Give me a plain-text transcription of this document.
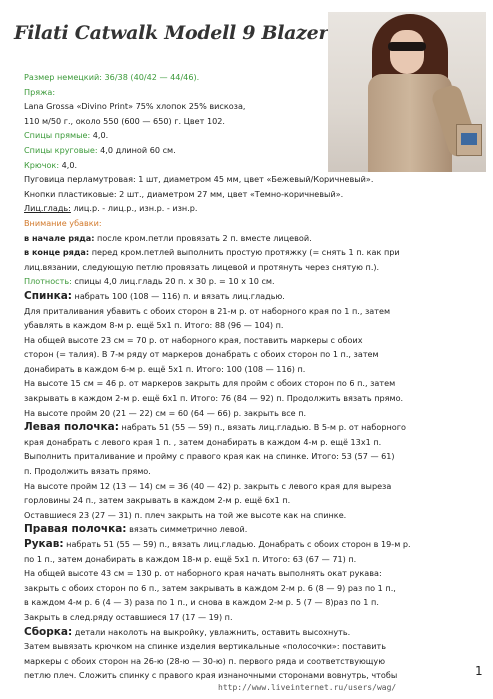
Filati Catwalk Modell 9 Blazer
Размер немецкий: 36/38 (40/42 — 44/46).
Пряжа:
Lana Grossa «Divino Print» 75% хлопок 25% вискоза,
110 м/50 г., около 550 (600 — 650) г. Цвет 102.
Спицы прямые: 4,0.
Спицы круговые: 4,0 длиной 60 см.
Крючок: 4,0.
Пуговица перламутровая: 1 шт, диаметром 45 мм, цвет «Бежевый/Коричневый».
Кнопки пластиковые: 2 шт., диаметром 27 мм, цвет «Темно-коричневый».
Лиц.гладь: лиц.р. - лиц.р., изн.р. - изн.р.
Внимание убавки:
в начале ряда: после кром.петли провязать 2 п. вместе лицевой.
в конце ряда: перед кром.петлей выполнить простую протяжку (= снять 1 п. как при
лиц.вязании, следующую петлю провязать лицевой и протянуть через снятую п.).
Плотность: спицы 4,0 лиц.гладь 20 п. х 30 р. = 10 х 10 см.
Спинка: набрать 100 (108 — 116) п. и вязать лиц.гладью.
Для приталивания убавить с обоих сторон в 21-м р. от наборного края по 1 п., затем
убавлять в каждом 8-м р. ещё 5х1 п. Итого: 88 (96 — 104) п.
На общей высоте 23 см = 70 р. от наборного края, поставить маркеры с обоих
сторон (= талия). В 7-м ряду от маркеров донабрать с обоих сторон по 1 п., затем
донабирать в каждом 6-м р. ещё 5х1 п. Итого: 100 (108 — 116) п.
На высоте 15 см = 46 р. от маркеров закрыть для пройм с обоих сторон по 6 п., затем
закрывать в каждом 2-м р. ещё 6х1 п. Итого: 76 (84 — 92) п. Продолжить вязать прямо.
На высоте пройм 20 (21 — 22) см = 60 (64 — 66) р. закрыть все п.
Левая полочка: набрать 51 (55 — 59) п., вязать лиц.гладью. В 5-м р. от наборного
края донабрать с левого края 1 п. , затем донабирать в каждом 4-м р. ещё 13х1 п.
Выполнить приталивание и пройму с правого края как на спинке. Итого: 53 (57 — 61)
п. Продолжить вязать прямо.
На высоте пройм 12 (13 — 14) см = 36 (40 — 42) р. закрыть с левого края для выреза
горловины 24 п., затем закрывать в каждом 2-м р. ещё 6х1 п.
Оставшиеся 23 (27 — 31) п. плеч закрыть на той же высоте как на спинке.
Правая полочка: вязать симметрично левой.
Рукав: набрать 51 (55 — 59) п., вязать лиц.гладью. Донабрать с обоих сторон в 19-м р.
по 1 п., затем донабирать в каждом 18-м р. ещё 5х1 п. Итого: 63 (67 — 71) п.
На общей высоте 43 см = 130 р. от наборного края начать выполнять окат рукава:
закрыть с обоих сторон по 6 п., затем закрывать в каждом 2-м р. 6 (8 — 9) раз по 1 п.,
в каждом 4-м р. 6 (4 — 3) раза по 1 п., и снова в каждом 2-м р. 5 (7 — 8)раз по 1 п.
Закрыть в след.ряду оставшиеся 17 (17 — 19) п.
Сборка: детали наколоть на выкройку, увлажнить, оставить высохнуть.
Затем вывязать крючком на спинке изделия вертикальные «полосочки»: поставить
маркеры с обоих сторон на 26-ю (28-ю — 30-ю) п. первого ряда и соответствующую
петлю плеч. Сложить спинку с правого края изнаночными сторонами вовнутрь, чтобы	1
http://www.liveinternet.ru/users/wag/
